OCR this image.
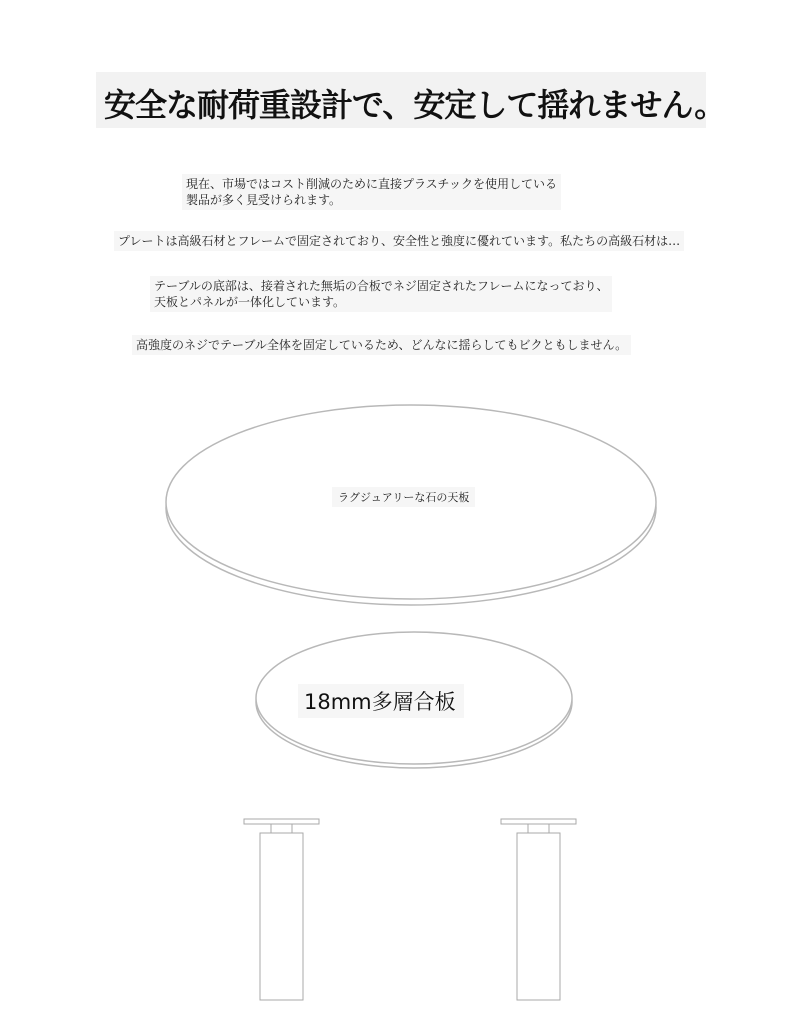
安全な耐荷重設計で、安定して揺れません。
現在、市場ではコスト削減のために直接プラスチックを使用している
製品が多く見受けられます。
プレートは高級石材とフレームで固定されており、安全性と強度に優れています。私たちの高級石材は…
テーブルの底部は、接着された無垢の合板でネジ固定されたフレームになっており、
天板とパネルが一体化しています。
高強度のネジでテーブル全体を固定しているため、どんなに揺らしてもビクともしません。
ラグジュアリーな石の天板
18mm多層合板
